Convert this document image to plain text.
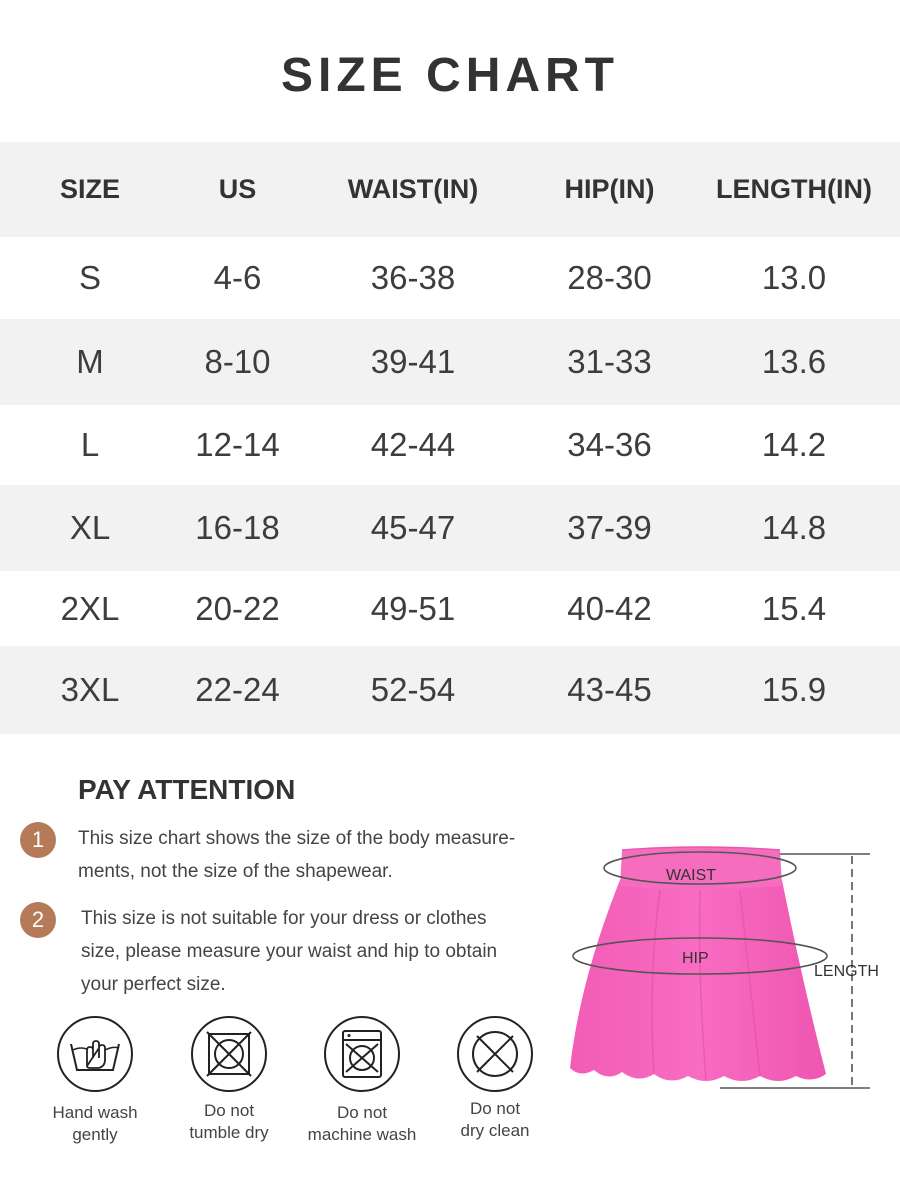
SIZE CHART
SIZE	US	WAIST(IN)	HIP(IN)	LENGTH(IN)
S	4-6	36-38	28-30	13.0
M	8-10	39-41	31-33	13.6
L	12-14	42-44	34-36	14.2
XL	16-18	45-47	37-39	14.8
2XL	20-22	49-51	40-42	15.4
3XL	22-24	52-54	43-45	15.9
PAY ATTENTION
1	This size chart shows the size of the body measure-
ments, not the size of the shapewear.
2	This size is not suitable for your dress or clothes
size, please measure your waist and hip to obtain
your perfect size.
Hand wash
gently
Do not
tumble dry
Do not
machine wash
Do not
dry clean
WAIST
HIP
LENGTH
